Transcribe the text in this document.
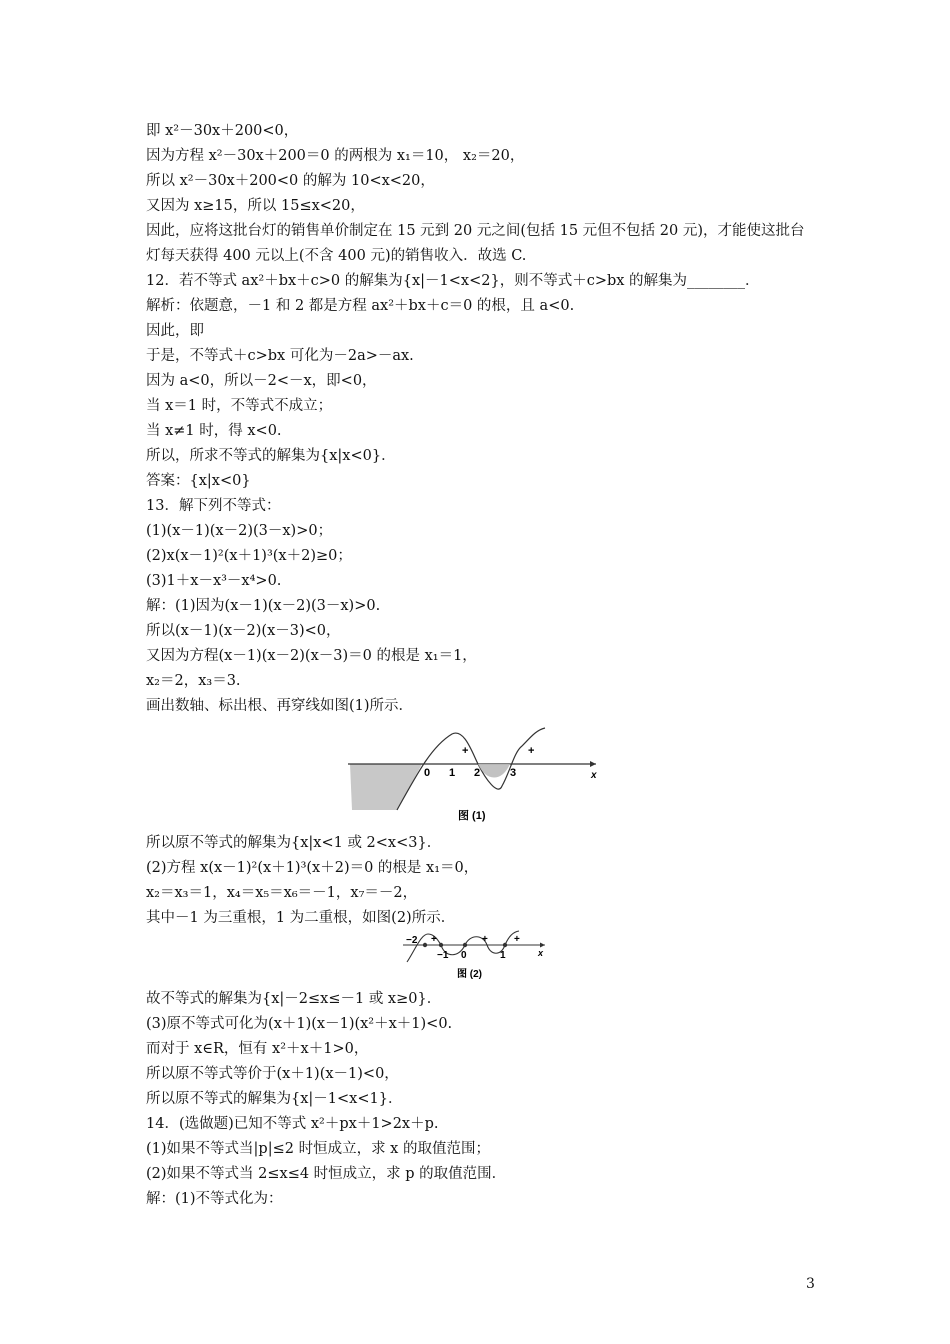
即 x²－30x＋200<0，
因为方程 x²－30x＋200＝0 的两根为 x₁＝10， x₂＝20，
所以 x²－30x＋200<0 的解为 10<x<20，
又因为 x≥15，所以 15≤x<20，
因此，应将这批台灯的销售单价制定在 15 元到 20 元之间(包括 15 元但不包括 20 元)，才能使这批台灯每天获得 400 元以上(不含 400 元)的销售收入．故选 C.
12．若不等式 ax²＋bx＋c>0 的解集为{x|－1<x<2}，则不等式＋c>bx 的解集为________．
解析：依题意，－1 和 2 都是方程 ax²＋bx＋c＝0 的根，且 a<0.
因此，即
于是，不等式＋c>bx 可化为－2a>－ax.
因为 a<0，所以－2<－x，即<0，
当 x＝1 时，不等式不成立；
当 x≠1 时，得 x<0.
所以，所求不等式的解集为{x|x<0}．
答案：{x|x<0}
13．解下列不等式：
(1)(x－1)(x－2)(3－x)>0；
(2)x(x－1)²(x＋1)³(x＋2)≥0；
(3)1＋x－x³－x⁴>0.
解：(1)因为(x－1)(x－2)(3－x)>0.
所以(x－1)(x－2)(x－3)<0，
又因为方程(x－1)(x－2)(x－3)＝0 的根是 x₁＝1，
x₂＝2，x₃＝3.
画出数轴、标出根、再穿线如图(1)所示．
0 1 2	3
+	+
x
图 (1)
所以原不等式的解集为{x|x<1 或 2<x<3}．
(2)方程 x(x－1)²(x＋1)³(x＋2)＝0 的根是 x₁＝0，
x₂＝x₃＝1，x₄＝x₅＝x₆＝－1，x₇＝－2，
其中－1 为三重根，1 为二重根，如图(2)所示．
−2
−1 0	1
+	+	+
x
图 (2)
故不等式的解集为{x|－2≤x≤－1 或 x≥0}．
(3)原不等式可化为(x＋1)(x－1)(x²＋x＋1)<0.
而对于 x∈R，恒有 x²＋x＋1>0，
所以原不等式等价于(x＋1)(x－1)<0，
所以原不等式的解集为{x|－1<x<1}．
14．(选做题)已知不等式 x²＋px＋1>2x＋p.
(1)如果不等式当|p|≤2 时恒成立，求 x 的取值范围；
(2)如果不等式当 2≤x≤4 时恒成立，求 p 的取值范围．
解：(1)不等式化为：
3
